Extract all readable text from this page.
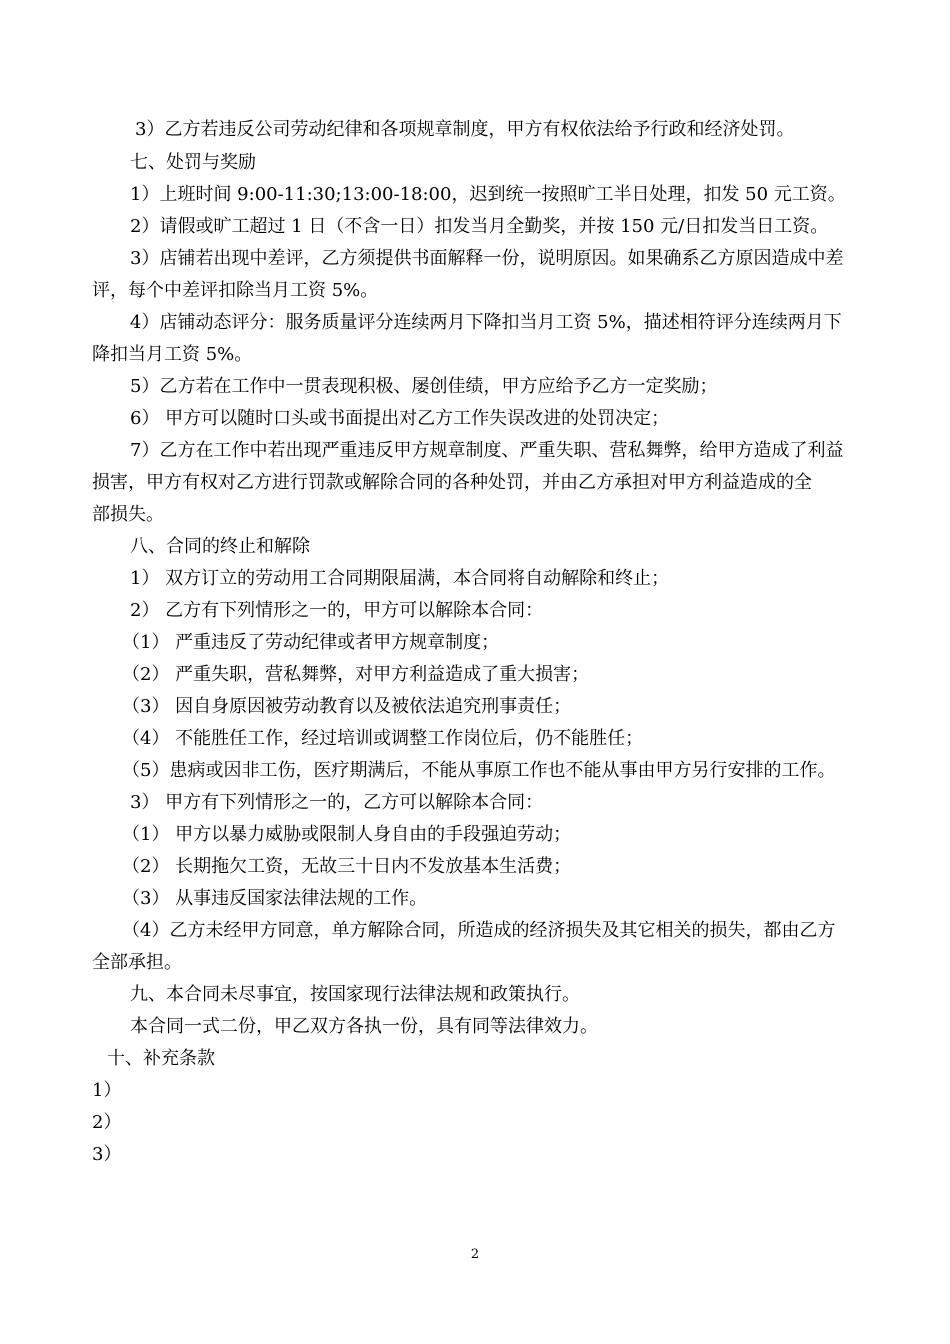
3）乙方若违反公司劳动纪律和各项规章制度，甲方有权依法给予行政和经济处罚。
七、处罚与奖励
1）上班时间 9:00-11:30;13:00-18:00，迟到统一按照旷工半日处理，扣发 50 元工资。
2）请假或旷工超过 1 日（不含一日）扣发当月全勤奖，并按 150 元/日扣发当日工资。
3）店铺若出现中差评，乙方须提供书面解释一份，说明原因。如果确系乙方原因造成中差
评，每个中差评扣除当月工资 5%。
4）店铺动态评分：服务质量评分连续两月下降扣当月工资 5%，描述相符评分连续两月下
降扣当月工资 5%。
5）乙方若在工作中一贯表现积极、屡创佳绩，甲方应给予乙方一定奖励；
6） 甲方可以随时口头或书面提出对乙方工作失误改进的处罚决定；
7）乙方在工作中若出现严重违反甲方规章制度、严重失职、营私舞弊，给甲方造成了利益
损害，甲方有权对乙方进行罚款或解除合同的各种处罚，并由乙方承担对甲方利益造成的全
部损失。
八、合同的终止和解除
1） 双方订立的劳动用工合同期限届满，本合同将自动解除和终止；
2） 乙方有下列情形之一的，甲方可以解除本合同：
（1） 严重违反了劳动纪律或者甲方规章制度；
（2） 严重失职，营私舞弊，对甲方利益造成了重大损害；
（3） 因自身原因被劳动教育以及被依法追究刑事责任；
（4） 不能胜任工作，经过培训或调整工作岗位后，仍不能胜任；
（5）患病或因非工伤，医疗期满后，不能从事原工作也不能从事由甲方另行安排的工作。
3） 甲方有下列情形之一的，乙方可以解除本合同：
（1） 甲方以暴力威胁或限制人身自由的手段强迫劳动；
（2） 长期拖欠工资，无故三十日内不发放基本生活费；
（3） 从事违反国家法律法规的工作。
（4）乙方未经甲方同意，单方解除合同，所造成的经济损失及其它相关的损失，都由乙方
全部承担。
九、本合同未尽事宜，按国家现行法律法规和政策执行。
本合同一式二份，甲乙双方各执一份，具有同等法律效力。
十、补充条款
1）
2）
3）
2
